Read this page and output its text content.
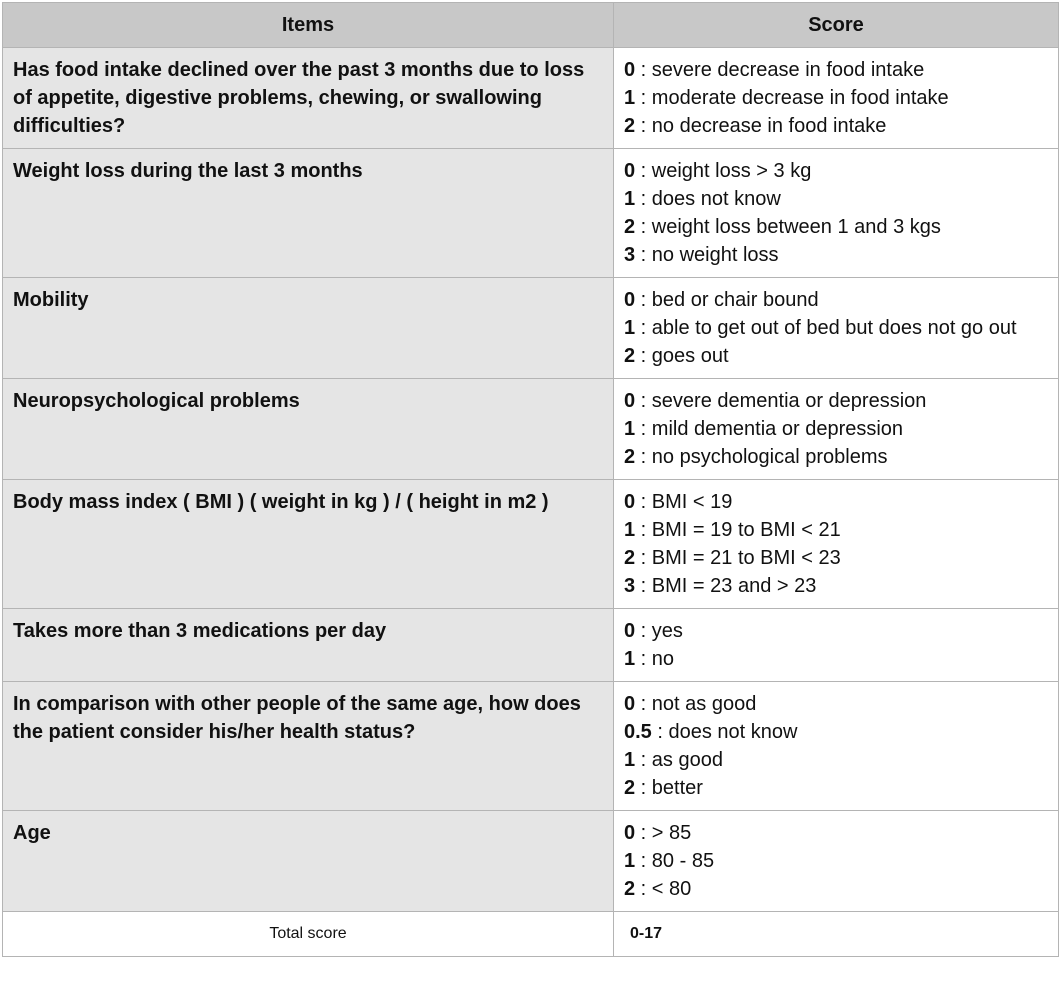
Items	Score
Has food intake declined over the past 3 months due to loss of appetite, digestive problems, chewing, or swallowing difficulties?	0 : severe decrease in food intake
1 : moderate decrease in food intake
2 : no decrease in food intake

Weight loss during the last 3 months	0 : weight loss > 3 kg
1 : does not know
2 : weight loss between 1 and 3 kgs
3 : no weight loss

Mobility	0 : bed or chair bound
1 : able to get out of bed but does not go out
2 : goes out

Neuropsychological problems	0 : severe dementia or depression
1 : mild dementia or depression
2 : no psychological problems

Body mass index ( BMI ) ( weight in kg ) / ( height in m2 )	0 : BMI < 19
1 : BMI = 19 to BMI < 21
2 : BMI = 21 to BMI < 23
3 : BMI = 23 and > 23

Takes more than 3 medications per day	0 : yes
1 : no

In comparison with other people of the same age, how does the patient consider his/her health status?	0 : not as good
0.5 : does not know
1 : as good
2 : better

Age	0 : > 85
1 : 80 - 85
2 : < 80

Total score	0-17
